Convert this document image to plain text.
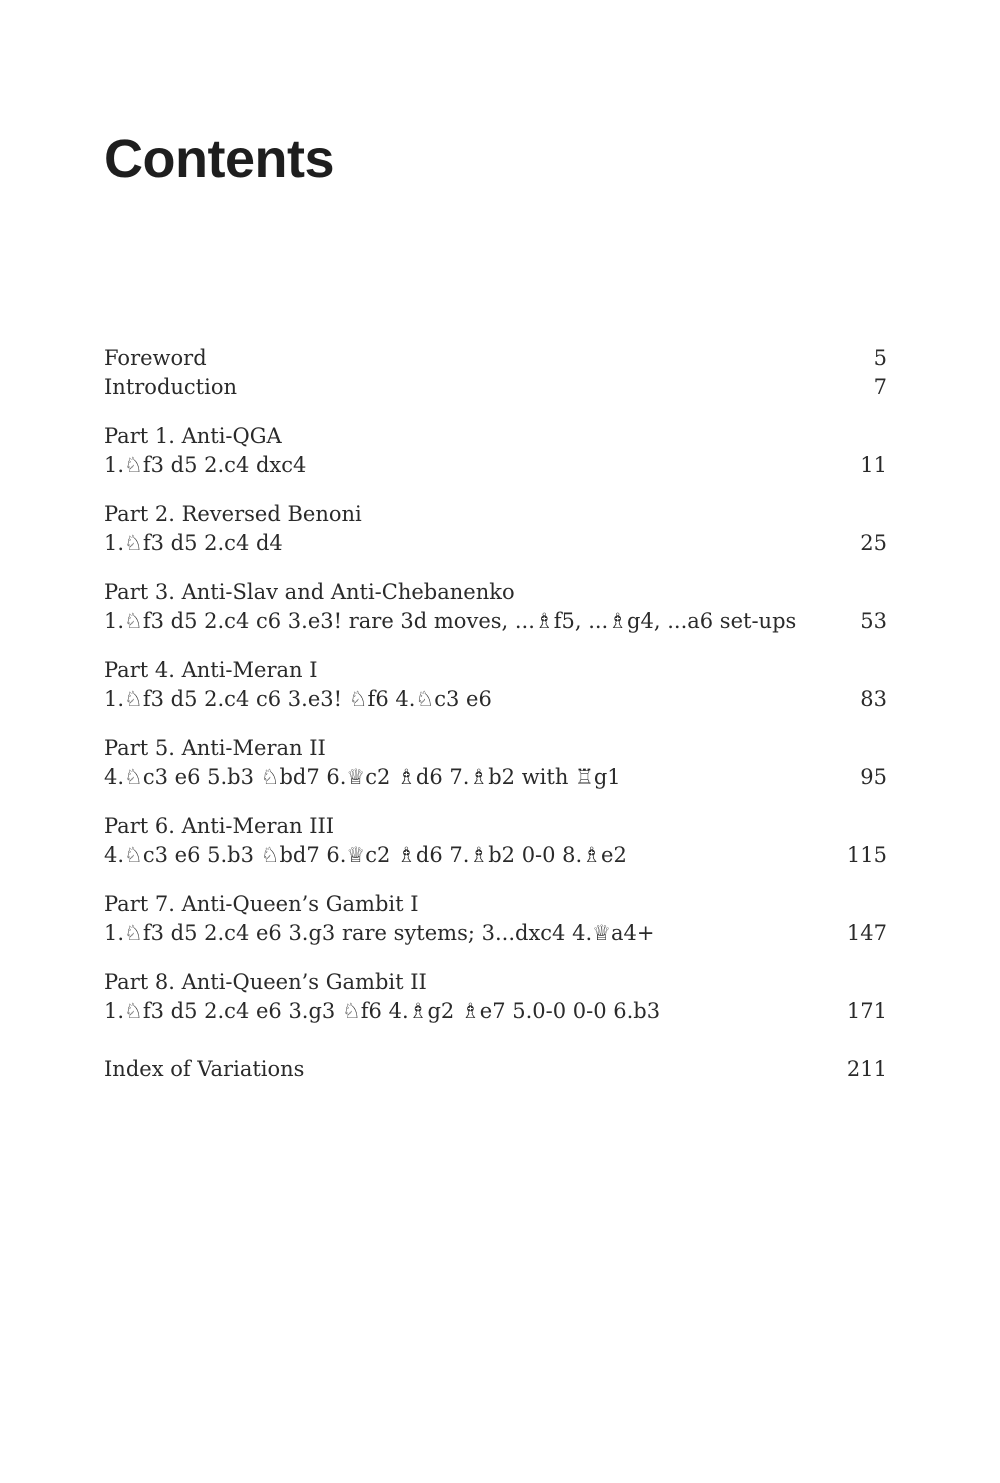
Contents
Foreword	5
Introduction	7
Part 1. Anti-QGA
1.♘f3 d5 2.c4 dxc4	11
Part 2. Reversed Benoni
1.♘f3 d5 2.c4 d4	25
Part 3. Anti-Slav and Anti-Chebanenko
1.♘f3 d5 2.c4 c6 3.e3! rare 3d moves, ...♗f5, ...♗g4, ...a6 set-ups	53
Part 4. Anti-Meran I
1.♘f3 d5 2.c4 c6 3.e3! ♘f6 4.♘c3 e6	83
Part 5. Anti-Meran II
4.♘c3 e6 5.b3 ♘bd7 6.♕c2 ♗d6 7.♗b2 with ♖g1	95
Part 6. Anti-Meran III
4.♘c3 e6 5.b3 ♘bd7 6.♕c2 ♗d6 7.♗b2 0-0 8.♗e2	115
Part 7. Anti-Queen’s Gambit I
1.♘f3 d5 2.c4 e6 3.g3 rare sytems; 3...dxc4 4.♕a4+	147
Part 8. Anti-Queen’s Gambit II
1.♘f3 d5 2.c4 e6 3.g3 ♘f6 4.♗g2 ♗e7 5.0-0 0-0 6.b3	171
Index of Variations	211
